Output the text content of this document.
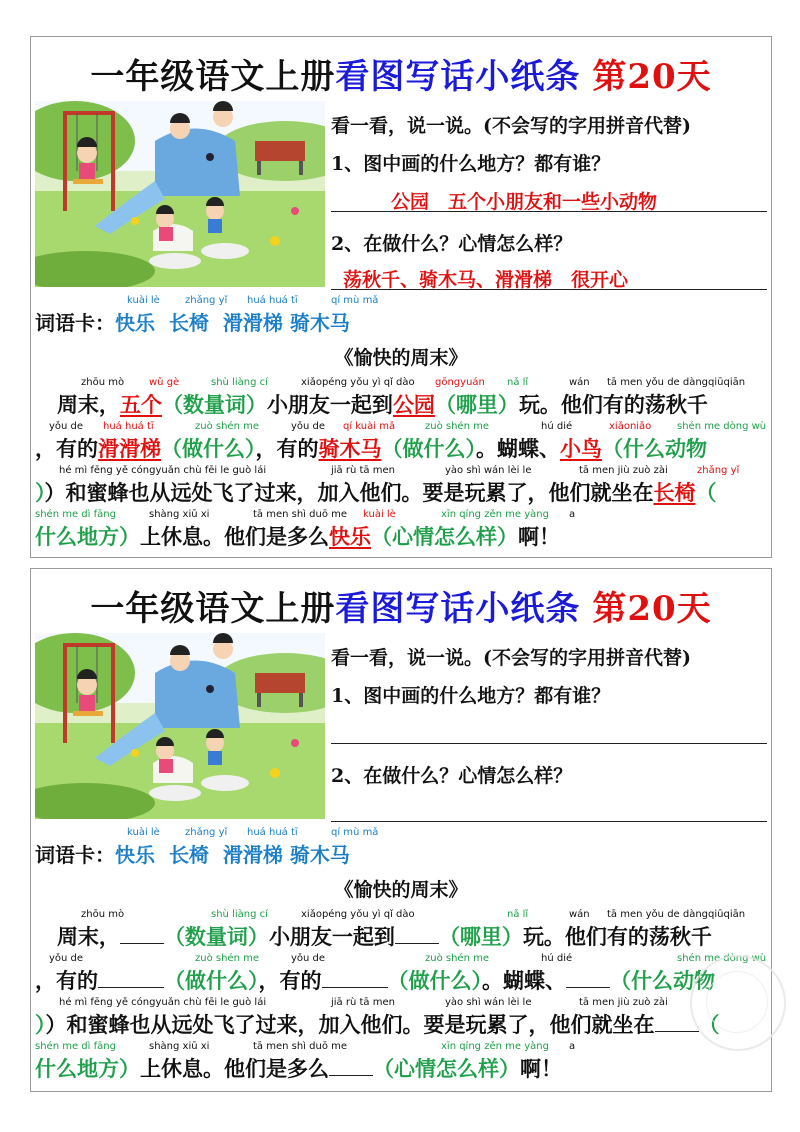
一年级语文上册看图写话小纸条 第20天
看一看，说一说。(不会写的字用拼音代替)
1、图中画的什么地方？都有谁？
公园　五个小朋友和一些小动物
2、在做什么？心情怎么样？
荡秋千、骑木马、滑滑梯　很开心
kuài lè	zhǎng yǐ huá huá tī	qí mù mǎ
词语卡：快乐 长椅 滑滑梯 骑木马
《愉快的周末》
zhōu mò wǔ gè	shù liàng cí	xiǎopéng yǒu yì qǐ dào gōngyuán nǎ lǐ	wán tā men yǒu de dàngqiūqiān
周末，五个（数量词）小朋友一起到公园（哪里）玩。他们有的荡秋千
yǒu de huá huá tī	zuò shén me	yǒu de qí kuài mǎ	zuò shén me	hú dié	xiǎoniǎo	shén me dòng wù
，有的滑滑梯（做什么），有的骑木马（做什么）。蝴蝶、小鸟（什么动物
hé mì fēng yě cóngyuǎn chù fēi le guò lái	jiā rù tā men	yào shì wán lèi le	tā men jiù zuò zài	zhǎng yǐ
））和蜜蜂也从远处飞了过来，加入他们。要是玩累了，他们就坐在长椅（
shén me dì fāng	shàng xiū xi	tā men shì duō me kuài lè	xīn qíng zěn me yàng a
什么地方）上休息。他们是多么快乐（心情怎么样）啊！
一年级语文上册看图写话小纸条 第20天
看一看，说一说。(不会写的字用拼音代替)
1、图中画的什么地方？都有谁？
2、在做什么？心情怎么样？
kuài lè	zhǎng yǐ huá huá tī	qí mù mǎ
词语卡：快乐 长椅 滑滑梯 骑木马
《愉快的周末》
zhōu mò	shù liàng cí	xiǎopéng yǒu yì qǐ dào	nǎ lǐ	wán tā men yǒu de dàngqiūqiān
周末， （数量词）小朋友一起到 （哪里）玩。他们有的荡秋千
yǒu de	zuò shén me	yǒu de	zuò shén me	hú dié	shén me dòng wù
，有的	（做什么），有的	（做什么）。蝴蝶、 （什么动物
hé mì fēng yě cóngyuǎn chù fēi le guò lái	jiā rù tā men	yào shì wán lèi le	tā men jiù zuò zài
））和蜜蜂也从远处飞了过来，加入他们。要是玩累了，他们就坐在 （
shén me dì fāng	shàng xiū xi	tā men shì duō me	xīn qíng zěn me yàng a
什么地方）上休息。他们是多么 （心情怎么样）啊！
